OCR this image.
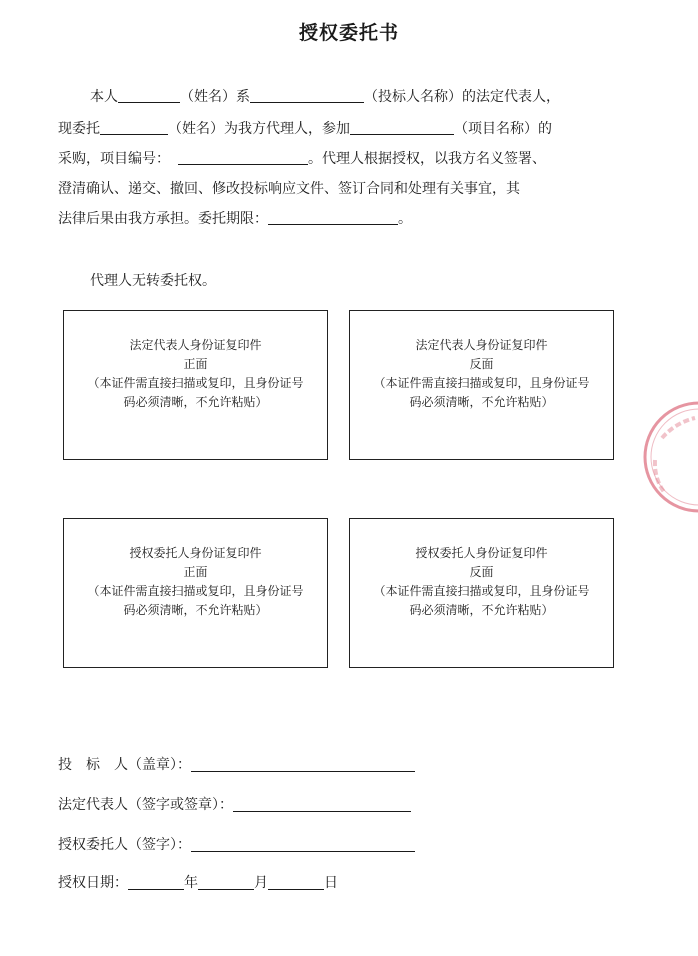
授权委托书
本人	（姓名）系	（投标人名称）的法定代表人，
现委托	（姓名）为我方代理人，参加	（项目名称）的
采购，项目编号：	。代理人根据授权，以我方名义签署、
澄清确认、递交、撤回、修改投标响应文件、签订合同和处理有关事宜，其
法律后果由我方承担。委托期限：	。
代理人无转委托权。
法定代表人身份证复印件
正面
（本证件需直接扫描或复印，且身份证号
码必须清晰，不允许粘贴）
法定代表人身份证复印件
反面
（本证件需直接扫描或复印，且身份证号
码必须清晰，不允许粘贴）
授权委托人身份证复印件
正面
（本证件需直接扫描或复印，且身份证号
码必须清晰，不允许粘贴）
授权委托人身份证复印件
反面
（本证件需直接扫描或复印，且身份证号
码必须清晰，不允许粘贴）
投　标　人（盖章）：
法定代表人（签字或签章）：
授权委托人（签字）：
授权日期：	年	月	日
